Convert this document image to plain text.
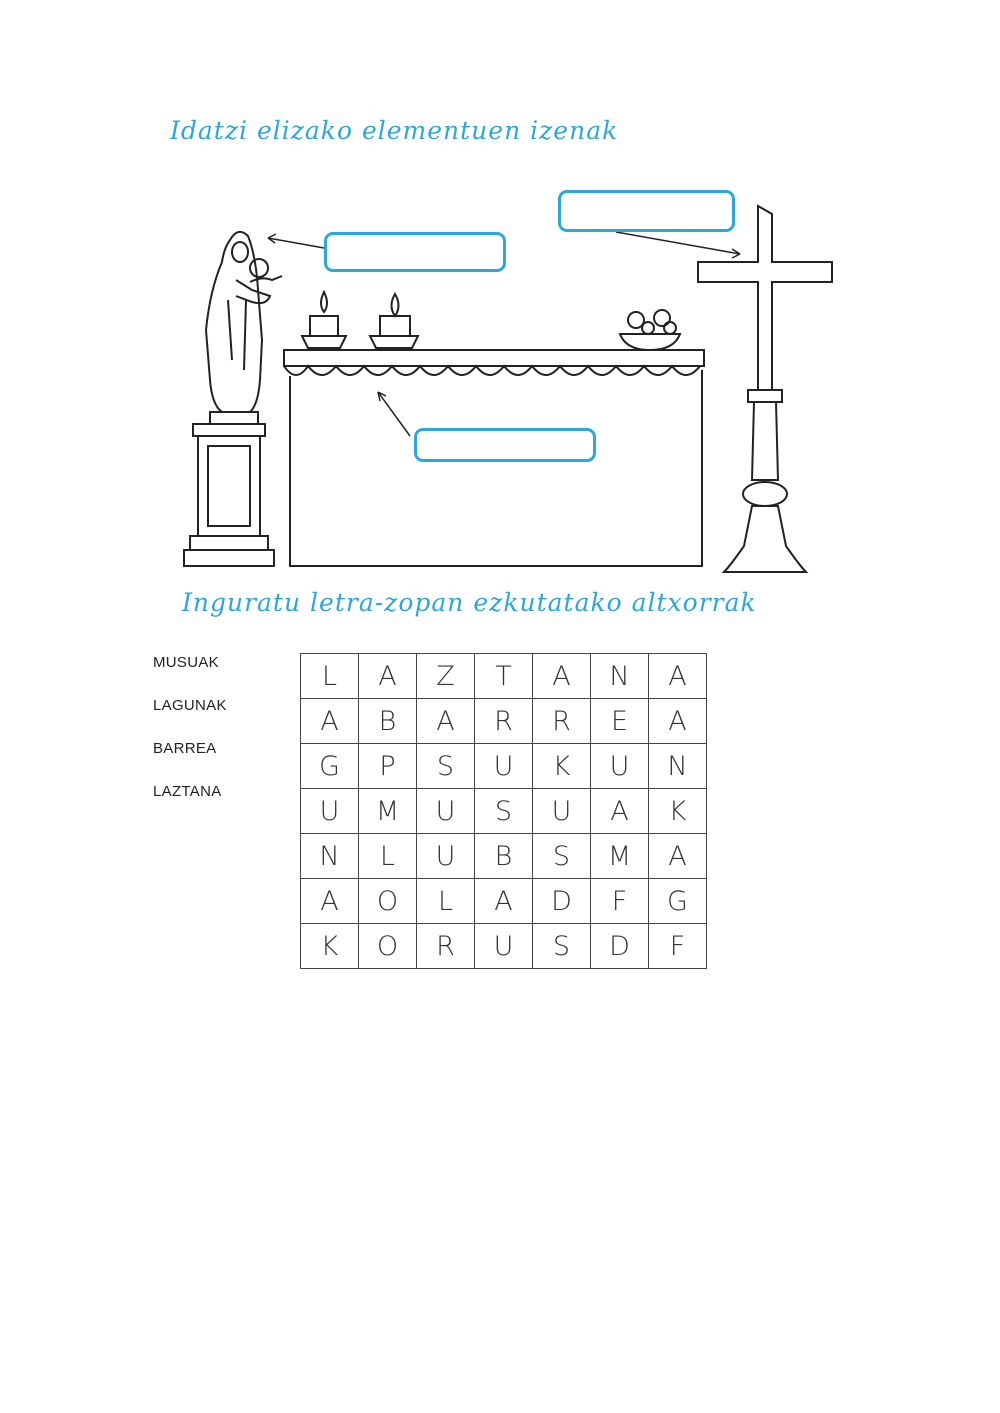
Idatzi elizako elementuen izenak
Inguratu letra-zopan ezkutatako altxorrak
MUSUAK
LAGUNAK
BARREA
LAZTANA
L	A	Z	T	A	N	A
A	B	A	R	R	E	A
G	P	S	U	K	U	N
U	M	U	S	U	A	K
N	L	U	B	S	M	A
A	O	L	A	D	F	G
K	O	R	U	S	D	F
